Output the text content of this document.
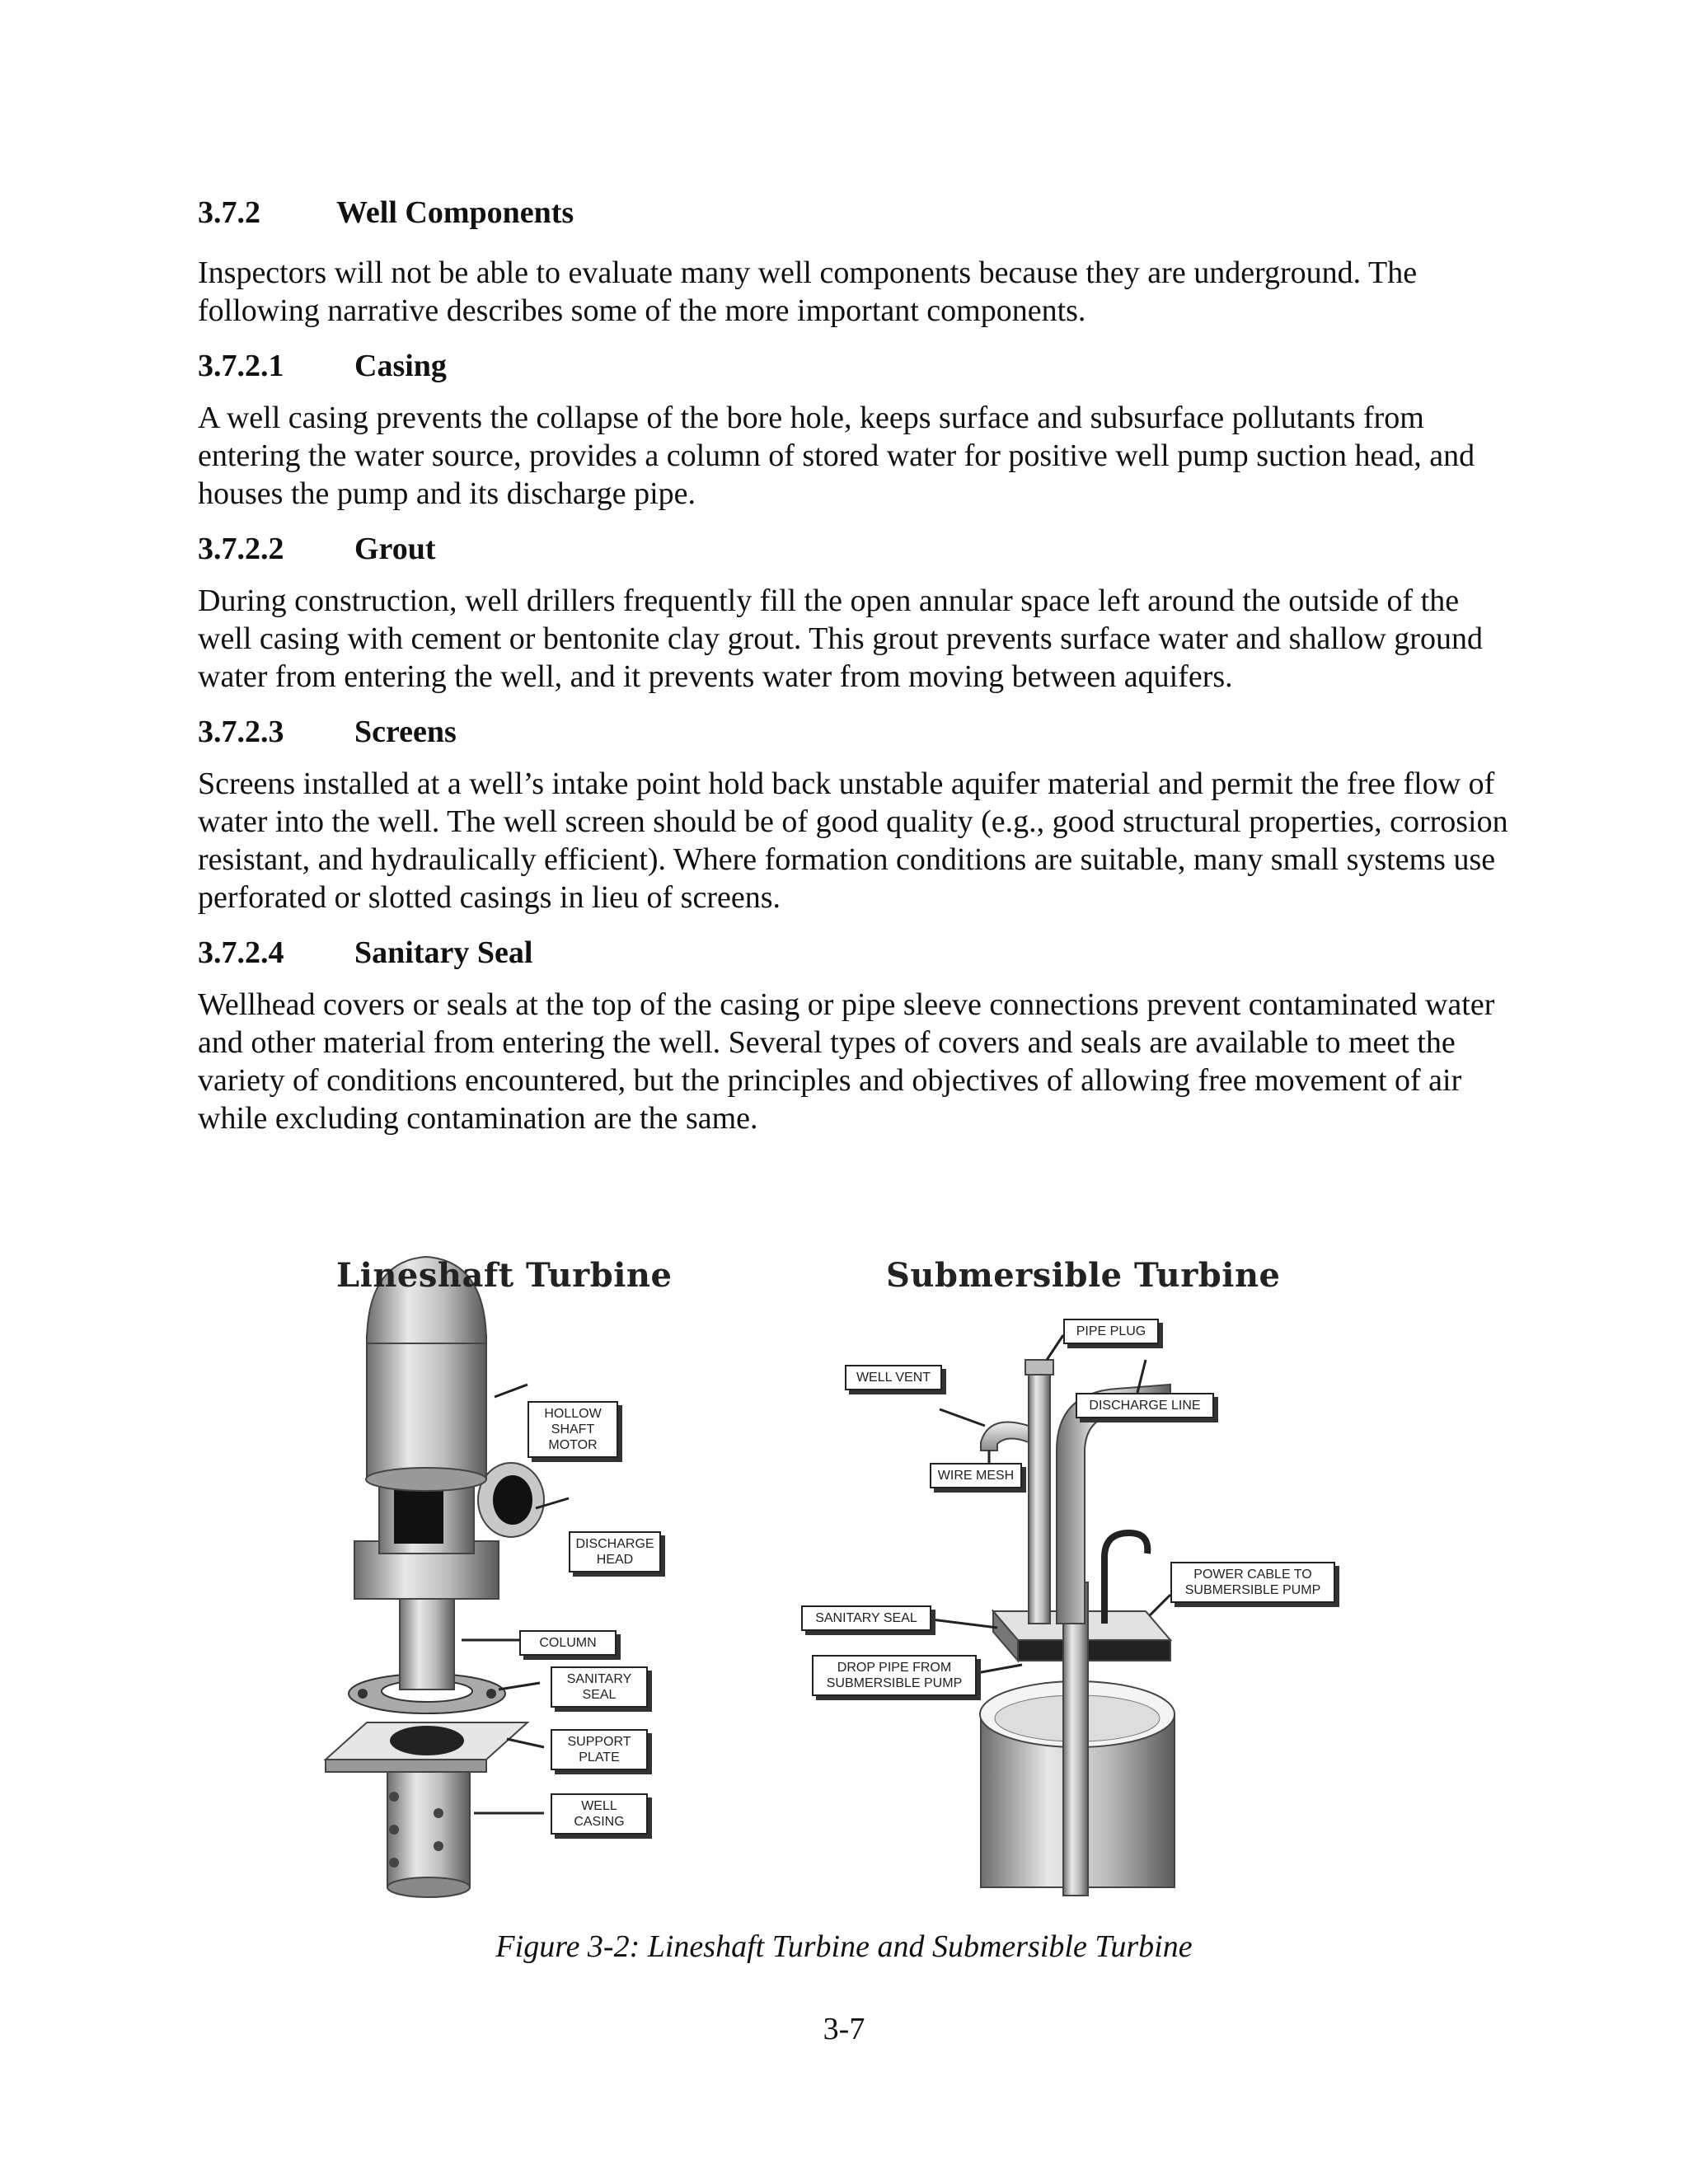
3.7.2	Well Components

Inspectors will not be able to evaluate many well components because they are underground. The following narrative describes some of the more important components.

3.7.2.1	Casing

A well casing prevents the collapse of the bore hole, keeps surface and subsurface pollutants from entering the water source, provides a column of stored water for positive well pump suction head, and houses the pump and its discharge pipe.

3.7.2.2	Grout

During construction, well drillers frequently fill the open annular space left around the outside of the well casing with cement or bentonite clay grout. This grout prevents surface water and shallow ground water from entering the well, and it prevents water from moving between aquifers.

3.7.2.3	Screens

Screens installed at a well’s intake point hold back unstable aquifer material and permit the free flow of water into the well. The well screen should be of good quality (e.g., good structural properties, corrosion resistant, and hydraulically efficient). Where formation conditions are suitable, many small systems use perforated or slotted casings in lieu of screens.

3.7.2.4	Sanitary Seal

Wellhead covers or seals at the top of the casing or pipe sleeve connections prevent contaminated water and other material from entering the well. Several types of covers and seals are available to meet the variety of conditions encountered, but the principles and objectives of allowing free movement of air while excluding contamination are the same.

Lineshaft Turbine	Submersible Turbine
HOLLOW SHAFT MOTOR
DISCHARGE HEAD
COLUMN
SANITARY SEAL
SUPPORT PLATE
WELL CASING
PIPE PLUG
WELL VENT
DISCHARGE LINE
WIRE MESH
POWER CABLE TO SUBMERSIBLE PUMP
SANITARY SEAL
DROP PIPE FROM SUBMERSIBLE PUMP
Figure 3-2: Lineshaft Turbine and Submersible Turbine
3-7
